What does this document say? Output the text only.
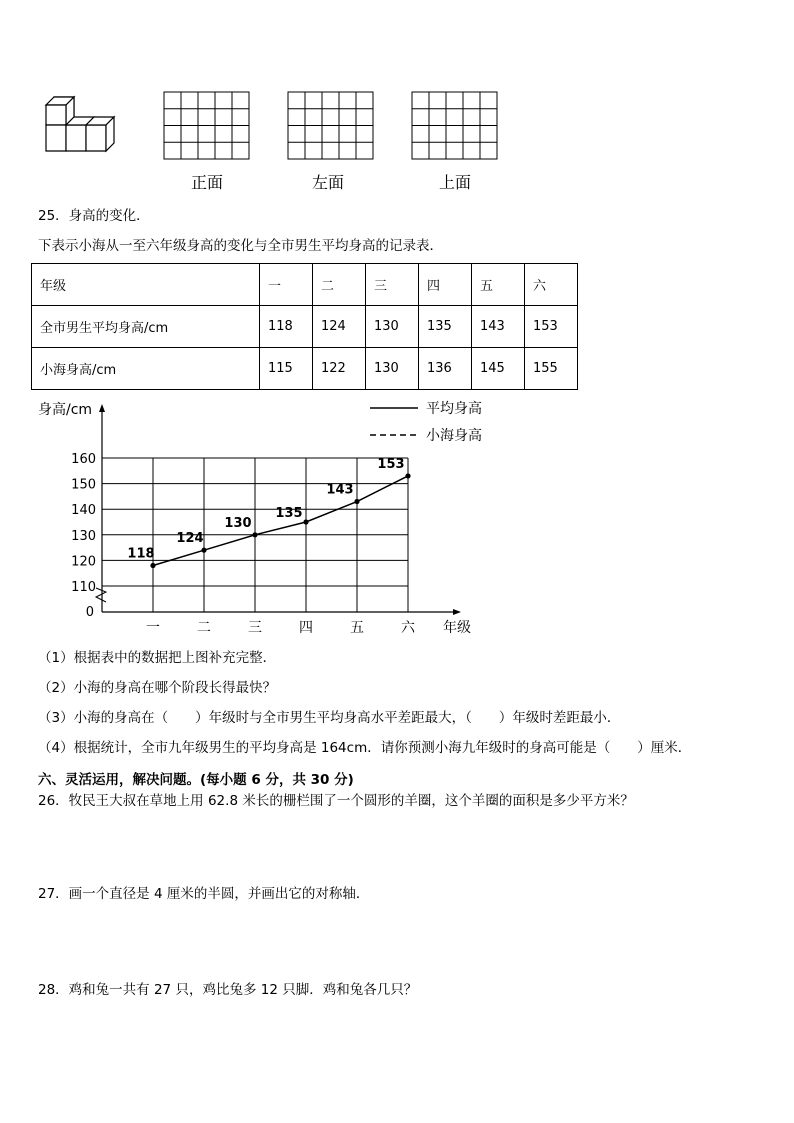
正面	左面	上面
25．身高的变化．
下表示小海从一至六年级身高的变化与全市男生平均身高的记录表．
年级	一	二	三	四	五	六
全市男生平均身高/cm	118	124	130	135	143	153
小海身高/cm	115	122	130	136	145	155
0
110
120
130
140
150
160
一	二	三	四	五	六
身高/cm
年级
平均身高
小海身高
118
124
130
135
143
153
（1）根据表中的数据把上图补充完整．
（2）小海的身高在哪个阶段长得最快？
（3）小海的身高在（　　）年级时与全市男生平均身高水平差距最大，（　　）年级时差距最小．
（4）根据统计，全市九年级男生的平均身高是 164cm．请你预测小海九年级时的身高可能是（　　）厘米．
六、灵活运用，解决问题。(每小题 6 分，共 30 分)
26．牧民王大叔在草地上用 62.8 米长的栅栏围了一个圆形的羊圈，这个羊圈的面积是多少平方米？
27．画一个直径是 4 厘米的半圆，并画出它的对称轴．
28．鸡和兔一共有 27 只，鸡比兔多 12 只脚．鸡和兔各几只？
